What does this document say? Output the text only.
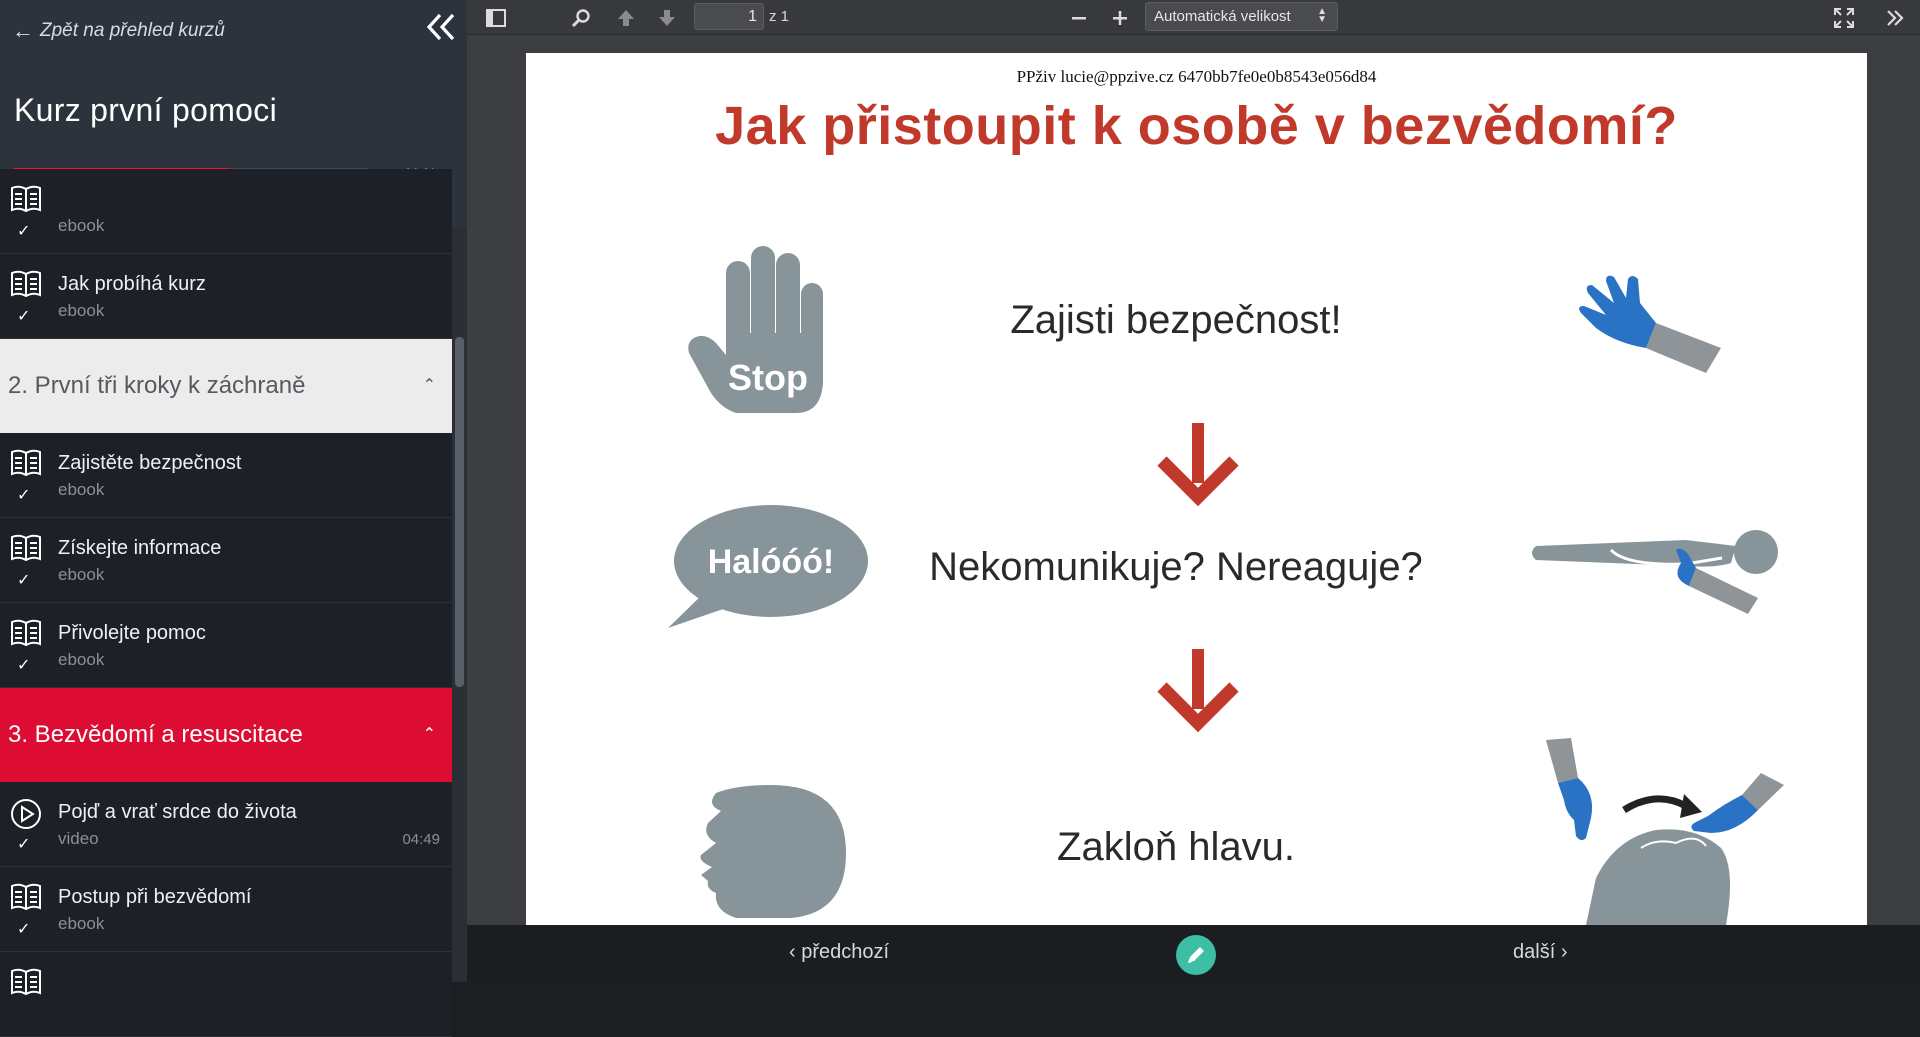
← Zpět na přehled kurzů
Kurz první pomoci
✓ ebook
✓
Jak probíhá kurz
ebook
2. První tři kroky k záchraně	⌃
✓
Zajistěte bezpečnost
ebook
✓
Získejte informace
ebook
✓
Přivolejte pomoc
ebook
3. Bezvědomí a resuscitace	⌃
✓
Pojď a vrať srdce do života
video	04:49
✓
Postup při bezvědomí
ebook
1
z 1	Automatická velikost	▲
▼
PPživ lucie@ppzive.cz 6470bb7fe0e0b8543e056d84
Jak přistoupit k osobě v bezvědomí?
Stop
Zajisti bezpečnost!
Halóóó!	Nekomunikuje? Nereaguje?
Zakloň hlavu.
‹ předchozí	další ›
